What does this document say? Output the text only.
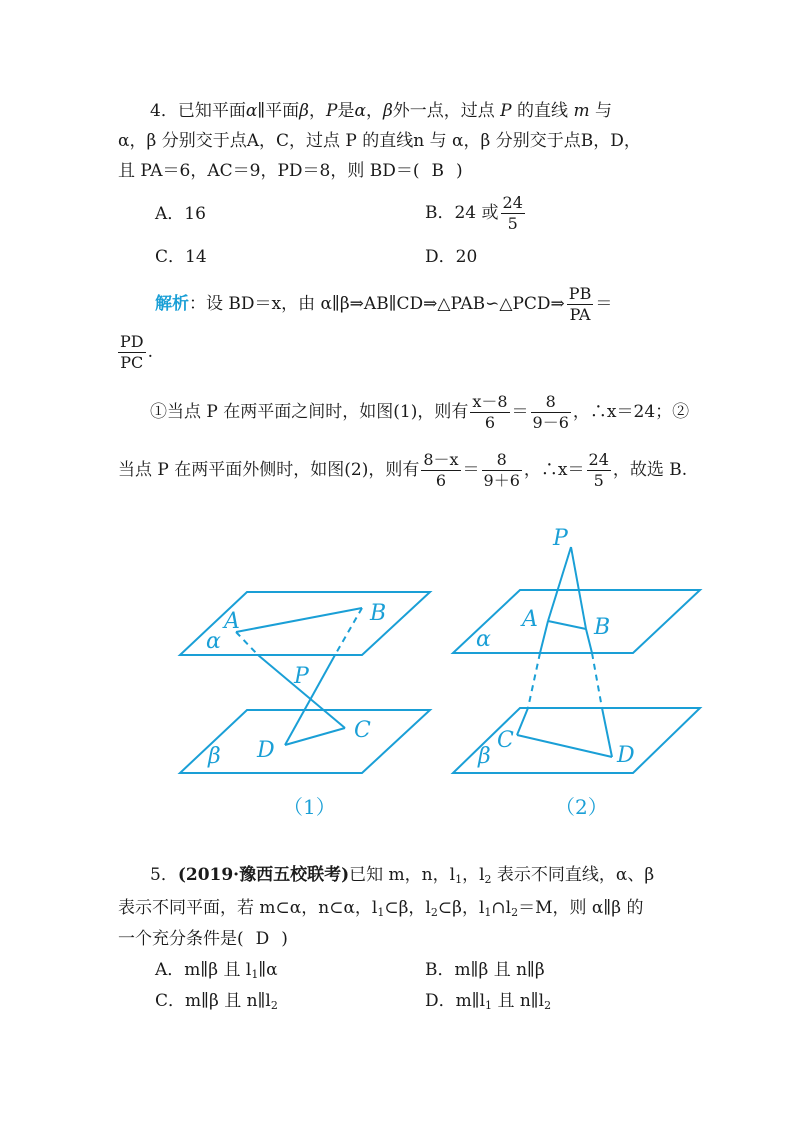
4．已知平面α∥平面β，P是α，β外一点，过点 P 的直线 m 与
α，β 分别交于点A，C，过点 P 的直线n 与 α，β 分别交于点B，D，
且 PA＝6，AC＝9，PD＝8，则 BD＝( B )
A．16	B．24 或 $\frac{24}{5}$
C．14	D．20
解析：设 BD＝x，由 α∥β⇒AB∥CD⇒△PAB∽△PCD⇒ $\frac{PB}{PA}$ ＝
$\frac{PD}{PC}$ .
①当点 P 在两平面之间时，如图(1)，则有 $\frac{x-8}{6} = \frac{8}{9-6}$ ，∴x＝24；②
当点 P 在两平面外侧时，如图(2)，则有 $\frac{8-x}{6} = \frac{8}{9+6}$ ，∴x＝ $\frac{24}{5}$ ，故选 B.
A	B
α
P
C
D
β
（1）
P
A	B
α
C
D
β
（2）
5．(2019·豫西五校联考)已知 m，n，$l_1$，$l_2$ 表示不同直线，α、β
表示不同平面，若 m⊂α，n⊂α，$l_1\subset\beta$，$l_2\subset\beta$，$l_1\cap l_2=M$，则 α∥β 的
一个充分条件是( D )
A．m∥β 且 $l_1\parallel\alpha$	B．m∥β 且 n∥β
C．m∥β 且 $n\parallel l_2$	D．$m\parallel l_1$ 且 $n\parallel l_2$
